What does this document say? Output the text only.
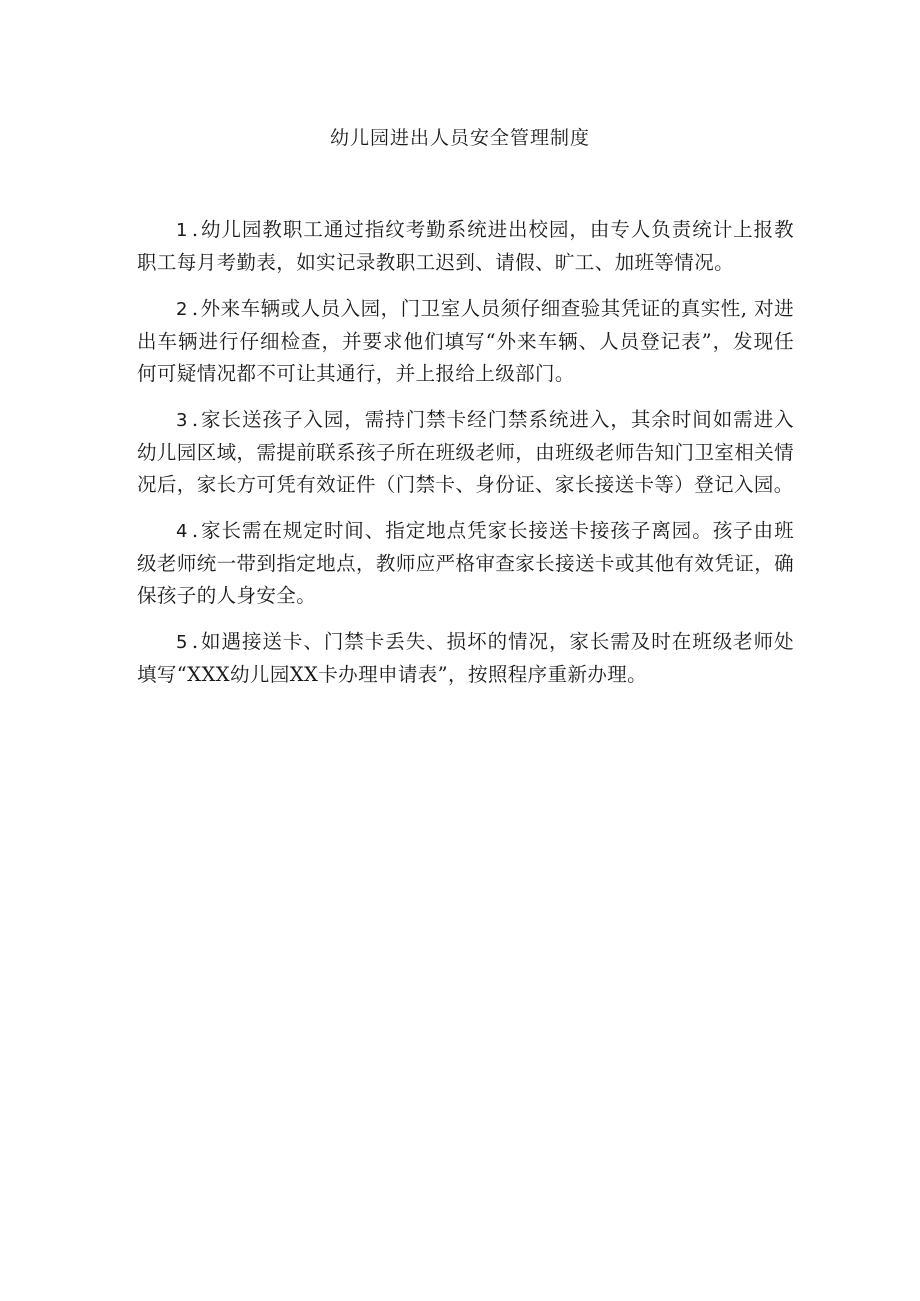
幼儿园进出人员安全管理制度

1 . 幼儿园教职工通过指纹考勤系统进出校园，由专人负责统计上报教职工每月考勤表，如实记录教职工迟到、请假、旷工、加班等情况。

2 . 外来车辆或人员入园，门卫室人员须仔细查验其凭证的真实性, 对进出车辆进行仔细检查，并要求他们填写“外来车辆、人员登记表”，发现任何可疑情况都不可让其通行，并上报给上级部门。

3 . 家长送孩子入园，需持门禁卡经门禁系统进入，其余时间如需进入幼儿园区域，需提前联系孩子所在班级老师，由班级老师告知门卫室相关情况后，家长方可凭有效证件（门禁卡、身份证、家长接送卡等）登记入园。

4 . 家长需在规定时间、指定地点凭家长接送卡接孩子离园。孩子由班级老师统一带到指定地点，教师应严格审查家长接送卡或其他有效凭证，确保孩子的人身安全。

5 . 如遇接送卡、门禁卡丢失、损坏的情况，家长需及时在班级老师处填写“XXX幼儿园XX卡办理申请表”，按照程序重新办理。
